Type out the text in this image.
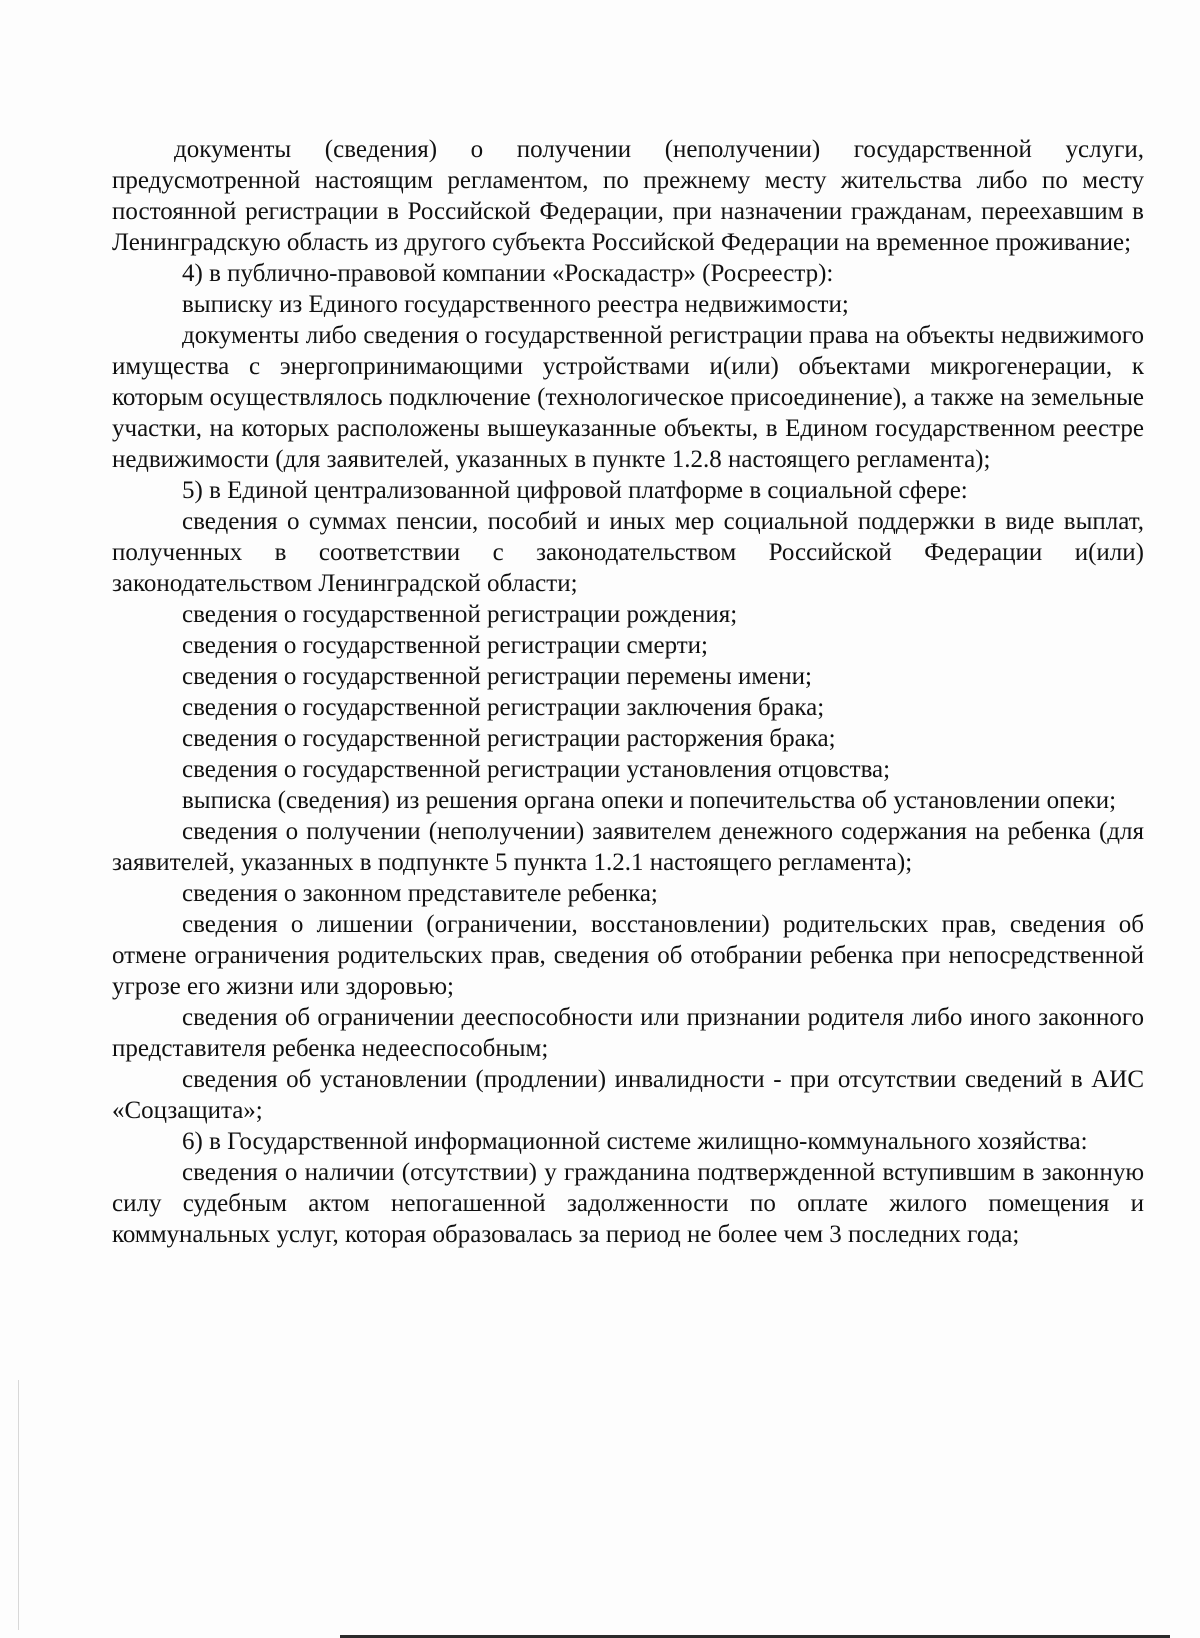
документы (сведения) о получении (неполучении) государственной услуги, предусмотренной настоящим регламентом, по прежнему месту жительства либо по месту постоянной регистрации в Российской Федерации, при назначении гражданам, переехавшим в Ленинградскую область из другого субъекта Российской Федерации на временное проживание;

4) в публично-правовой компании «Роскадастр» (Росреестр):

выписку из Единого государственного реестра недвижимости;

документы либо сведения о государственной регистрации права на объекты недвижимого имущества с энергопринимающими устройствами и(или) объектами микрогенерации, к которым осуществлялось подключение (технологическое присоединение), а также на земельные участки, на которых расположены вышеуказанные объекты, в Едином государственном реестре недвижимости (для заявителей, указанных в пункте 1.2.8 настоящего регламента);

5) в Единой централизованной цифровой платформе в социальной сфере:

сведения о суммах пенсии, пособий и иных мер социальной поддержки в виде выплат, полученных в соответствии с законодательством Российской Федерации и(или) законодательством Ленинградской области;

сведения о государственной регистрации рождения;

сведения о государственной регистрации смерти;

сведения о государственной регистрации перемены имени;

сведения о государственной регистрации заключения брака;

сведения о государственной регистрации расторжения брака;

сведения о государственной регистрации установления отцовства;

выписка (сведения) из решения органа опеки и попечительства об установлении опеки;

сведения о получении (неполучении) заявителем денежного содержания на ребенка (для заявителей, указанных в подпункте 5 пункта 1.2.1 настоящего регламента);

сведения о законном представителе ребенка;

сведения о лишении (ограничении, восстановлении) родительских прав, сведения об отмене ограничения родительских прав, сведения об отобрании ребенка при непосредственной угрозе его жизни или здоровью;

сведения об ограничении дееспособности или признании родителя либо иного законного представителя ребенка недееспособным;

сведения об установлении (продлении) инвалидности - при отсутствии сведений в АИС «Соцзащита»;

6) в Государственной информационной системе жилищно-коммунального хозяйства:

сведения о наличии (отсутствии) у гражданина подтвержденной вступившим в законную силу судебным актом непогашенной задолженности по оплате жилого помещения и коммунальных услуг, которая образовалась за период не более чем 3 последних года;
